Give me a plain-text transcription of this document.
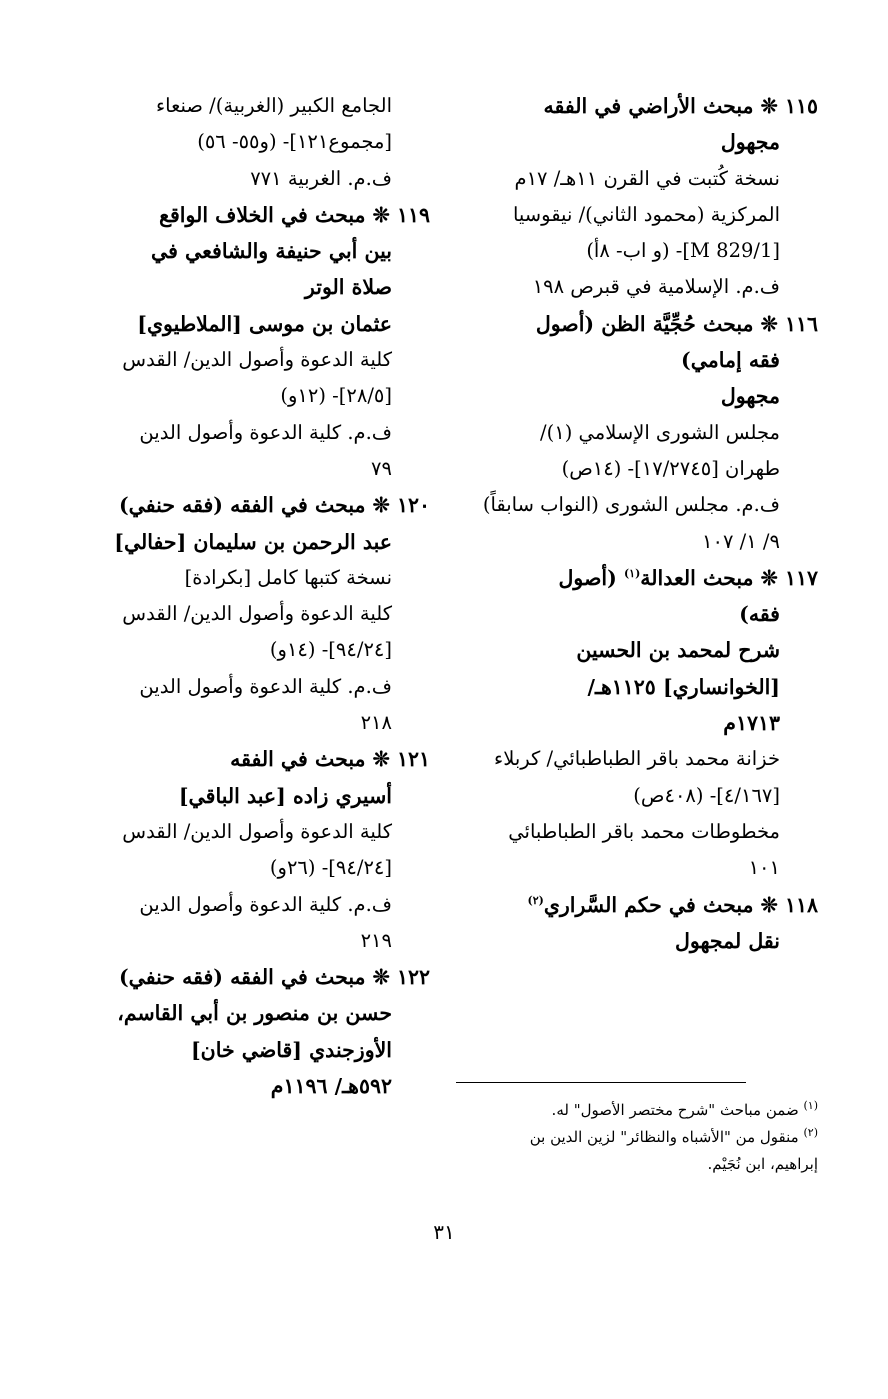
١١٥ ❊ مبحث الأراضي في الفقه
مجهول
نسخة كُتبت في القرن ١١هـ/ ١٧م
المركزية (محمود الثاني)/ نيقوسيا
[M 829/1]- (و اب- ٨أ)
ف.م. الإسلامية في قبرص ١٩٨
١١٦ ❊ مبحث حُجِّيَّة الظن (أصول
فقه إمامي)
مجهول
مجلس الشورى الإسلامي (١)/
طهران [١٧/٢٧٤٥]- (١٤ص)
ف.م. مجلس الشورى (النواب سابقاً)
٩/ ١/ ١٠٧
١١٧ ❊ مبحث العدالة$^{(١)}$ (أصول
فقه)
شرح لمحمد بن الحسين
[الخوانساري] ١١٢٥هـ/
١٧١٣م
خزانة محمد باقر الطباطبائي/ كربلاء
[٤/١٦٧]- (٤٠٨ص)
مخطوطات محمد باقر الطباطبائي
١٠١
١١٨ ❊ مبحث في حكم السَّراري$^{(٢)}$
نقل لمجهول
الجامع الكبير (الغربية)/ صنعاء
[مجموع١٢١]- (و٥٥- ٥٦)
ف.م. الغربية ٧٧١
١١٩ ❊ مبحث في الخلاف الواقع
بين أبي حنيفة والشافعي في
صلاة الوتر
عثمان بن موسى [الملاطيوي]
كلية الدعوة وأصول الدين/ القدس
[٢٨/٥]- (١٢و)
ف.م. كلية الدعوة وأصول الدين
٧٩
١٢٠ ❊ مبحث في الفقه (فقه حنفي)
عبد الرحمن بن سليمان [حفالي]
نسخة كتبها كامل [بكرادة]
كلية الدعوة وأصول الدين/ القدس
[٩٤/٢٤]- (١٤و)
ف.م. كلية الدعوة وأصول الدين
٢١٨
١٢١ ❊ مبحث في الفقه
أسيري زاده [عبد الباقي]
كلية الدعوة وأصول الدين/ القدس
[٩٤/٢٤]- (٢٦و)
ف.م. كلية الدعوة وأصول الدين
٢١٩
١٢٢ ❊ مبحث في الفقه (فقه حنفي)
حسن بن منصور بن أبي القاسم،
الأوزجندي [قاضي خان]
٥٩٢هـ/ ١١٩٦م
$^{(١)}$ ضمن مباحث "شرح مختصر الأصول" له.
$^{(٢)}$ منقول من "الأشباه والنظائر" لزين الدين بن
إبراهيم، ابن نُجَيْم.
٣١
